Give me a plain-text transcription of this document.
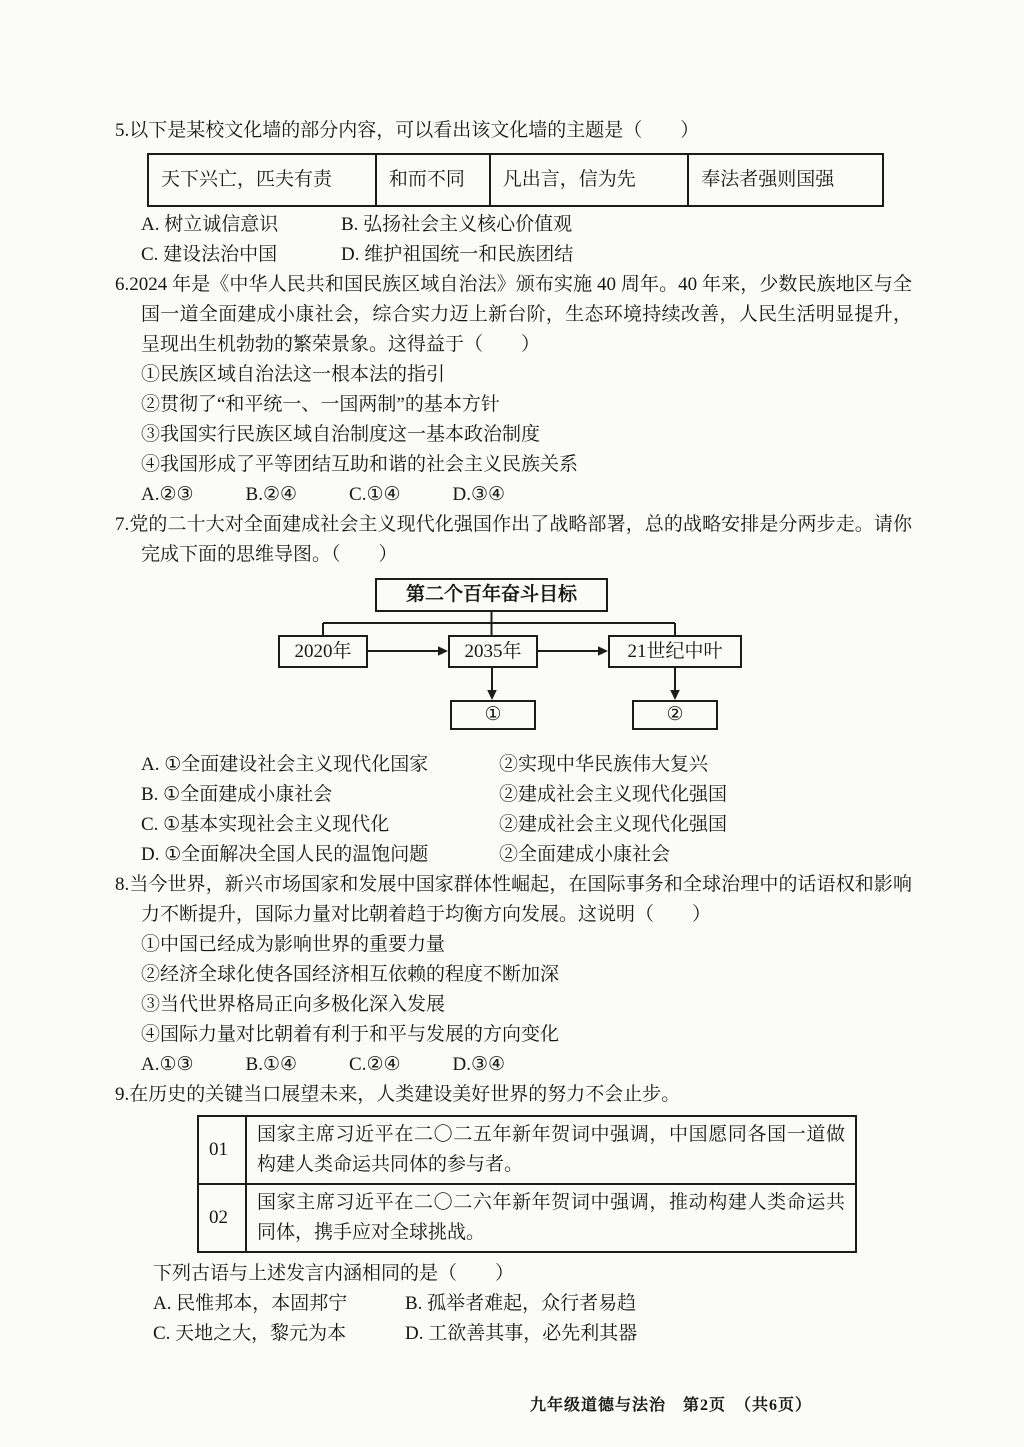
5.以下是某校文化墙的部分内容，可以看出该文化墙的主题是（　　）

天下兴亡，匹夫有责	和而不同	凡出言，信为先	奉法者强则国强
A. 树立诚信意识	B. 弘扬社会主义核心价值观
C. 建设法治中国	D. 维护祖国统一和民族团结

6.2024 年是《中华人民共和国民族区域自治法》颁布实施 40 周年。40 年来，少数民族地区与全国一道全面建成小康社会，综合实力迈上新台阶，生态环境持续改善，人民生活明显提升，呈现出生机勃勃的繁荣景象。这得益于（　　）

①民族区域自治法这一根本法的指引

②贯彻了“和平统一、一国两制”的基本方针

③我国实行民族区域自治制度这一基本政治制度

④我国形成了平等团结互助和谐的社会主义民族关系

A.②③	B.②④	C.①④	D.③④

7.党的二十大对全面建成社会主义现代化强国作出了战略部署，总的战略安排是分两步走。请你完成下面的思维导图。（　　）

第二个百年奋斗目标
2020年	2035年	21世纪中叶
①	②
A. ①全面建设社会主义现代化国家	②实现中华民族伟大复兴
B. ①全面建成小康社会	②建成社会主义现代化强国
C. ①基本实现社会主义现代化	②建成社会主义现代化强国
D. ①全面解决全国人民的温饱问题	②全面建成小康社会

8.当今世界，新兴市场国家和发展中国家群体性崛起，在国际事务和全球治理中的话语权和影响力不断提升，国际力量对比朝着趋于均衡方向发展。这说明（　　）

①中国已经成为影响世界的重要力量

②经济全球化使各国经济相互依赖的程度不断加深

③当代世界格局正向多极化深入发展

④国际力量对比朝着有利于和平与发展的方向变化

A.①③	B.①④	C.②④	D.③④

9.在历史的关键当口展望未来，人类建设美好世界的努力不会止步。

01	国家主席习近平在二〇二五年新年贺词中强调，中国愿同各国一道做构建人类命运共同体的参与者。
02	国家主席习近平在二〇二六年新年贺词中强调，推动构建人类命运共同体，携手应对全球挑战。

下列古语与上述发言内涵相同的是（　　）

A. 民惟邦本，本固邦宁	B. 孤举者难起，众行者易趋
C. 天地之大，黎元为本	D. 工欲善其事，必先利其器
九年级道德与法治　第2页　（共6页）
